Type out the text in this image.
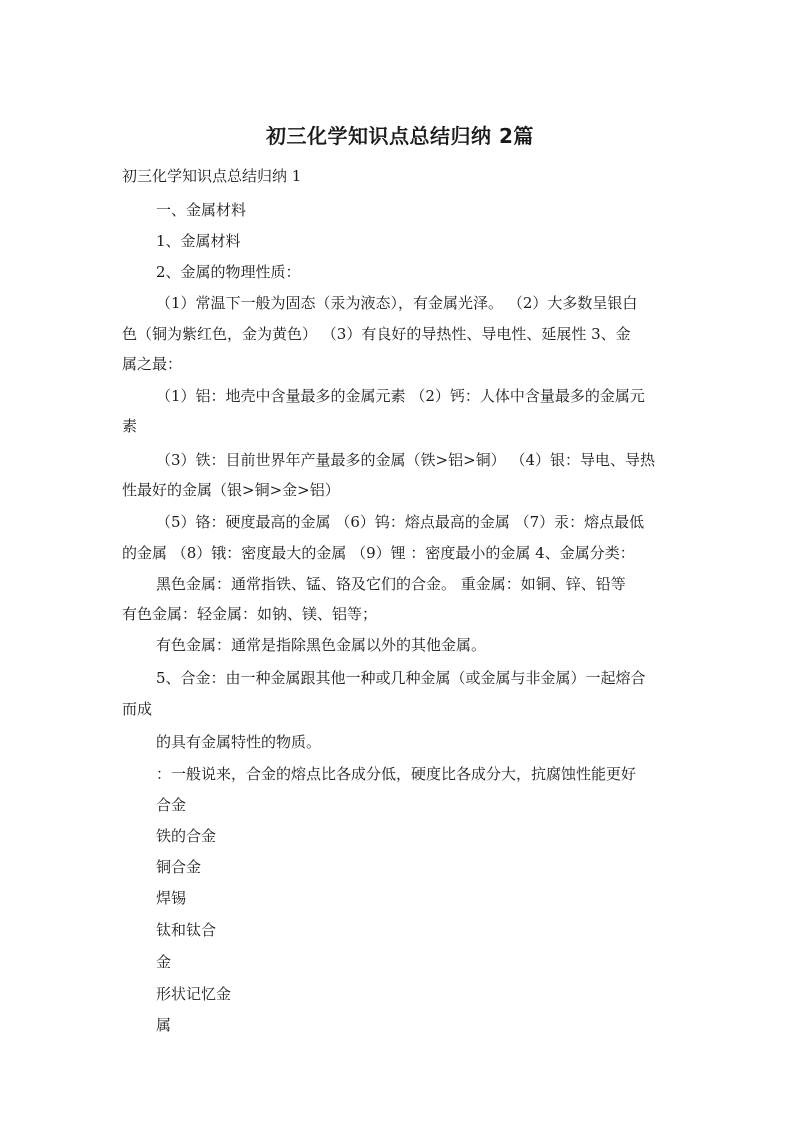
初三化学知识点总结归纳 2篇
初三化学知识点总结归纳 1
一、金属材料
1、金属材料
2、金属的物理性质：
（1）常温下一般为固态（汞为液态），有金属光泽。 （2）大多数呈银白
色（铜为紫红色，金为黄色） （3）有良好的导热性、导电性、延展性 3、金
属之最：
（1）铝：地壳中含量最多的金属元素 （2）钙：人体中含量最多的金属元
素
（3）铁：目前世界年产量最多的金属（铁>铝>铜） （4）银：导电、导热
性最好的金属（银>铜>金>铝）
（5）铬：硬度最高的金属 （6）钨：熔点最高的金属 （7）汞：熔点最低
的金属 （8）锇：密度最大的金属 （9）锂 ：密度最小的金属 4、金属分类：
黑色金属：通常指铁、锰、铬及它们的合金。 重金属：如铜、锌、铅等
有色金属：轻金属：如钠、镁、铝等；
有色金属：通常是指除黑色金属以外的其他金属。
5、合金：由一种金属跟其他一种或几种金属（或金属与非金属）一起熔合
而成
的具有金属特性的物质。
：一般说来，合金的熔点比各成分低，硬度比各成分大，抗腐蚀性能更好
合金
铁的合金
铜合金
焊锡
钛和钛合
金
形状记忆金
属
